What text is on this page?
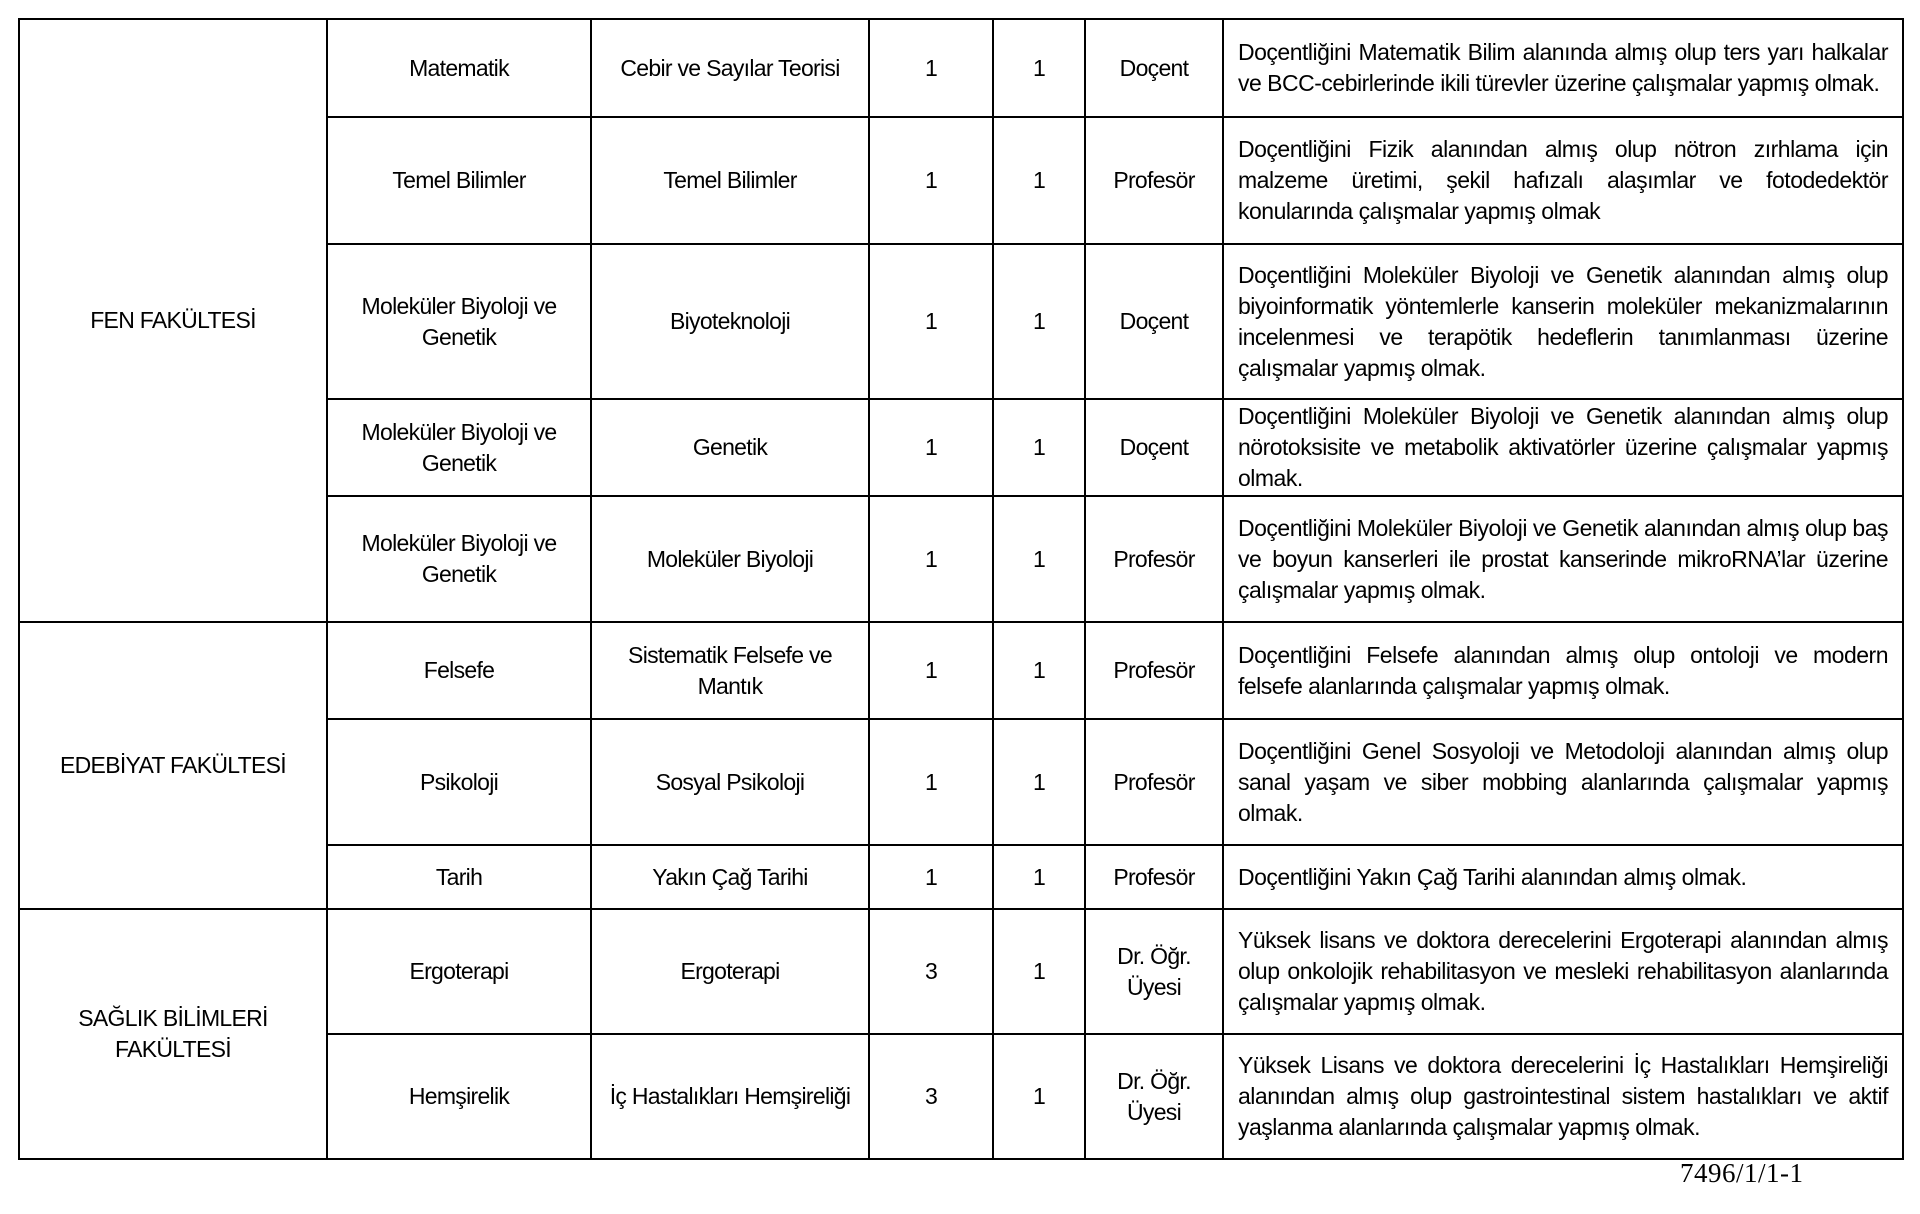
FEN FAKÜLTESİ	Matematik	Cebir ve Sayılar Teorisi	1	1	Doçent	Doçentliğini Matematik Bilim alanında almış olup ters yarı halkalar ve BCC-cebirlerinde ikili türevler üzerine çalışmalar yapmış olmak.
	Temel Bilimler	Temel Bilimler	1	1	Profesör	Doçentliğini Fizik alanından almış olup nötron zırhlama için malzeme üretimi, şekil hafızalı alaşımlar ve fotodedektör konularında çalışmalar yapmış olmak
	Moleküler Biyoloji ve Genetik	Biyoteknoloji	1	1	Doçent	Doçentliğini Moleküler Biyoloji ve Genetik alanından almış olup biyoinformatik yöntemlerle kanserin moleküler mekanizmalarının incelenmesi ve terapötik hedeflerin tanımlanması üzerine çalışmalar yapmış olmak.
	Moleküler Biyoloji ve Genetik	Genetik	1	1	Doçent	Doçentliğini Moleküler Biyoloji ve Genetik alanından almış olup nörotoksisite ve metabolik aktivatörler üzerine çalışmalar yapmış olmak.
	Moleküler Biyoloji ve Genetik	Moleküler Biyoloji	1	1	Profesör	Doçentliğini Moleküler Biyoloji ve Genetik alanından almış olup baş ve boyun kanserleri ile prostat kanserinde mikroRNA’lar üzerine çalışmalar yapmış olmak.
EDEBİYAT FAKÜLTESİ	Felsefe	Sistematik Felsefe ve Mantık	1	1	Profesör	Doçentliğini Felsefe alanından almış olup ontoloji ve modern felsefe alanlarında çalışmalar yapmış olmak.
	Psikoloji	Sosyal Psikoloji	1	1	Profesör	Doçentliğini Genel Sosyoloji ve Metodoloji alanından almış olup sanal yaşam ve siber mobbing alanlarında çalışmalar yapmış olmak.
	Tarih	Yakın Çağ Tarihi	1	1	Profesör	Doçentliğini Yakın Çağ Tarihi alanından almış olmak.
SAĞLIK BİLİMLERİ FAKÜLTESİ	Ergoterapi	Ergoterapi	3	1	Dr. Öğr. Üyesi	Yüksek lisans ve doktora derecelerini Ergoterapi alanından almış olup onkolojik rehabilitasyon ve mesleki rehabilitasyon alanlarında çalışmalar yapmış olmak.
	Hemşirelik	İç Hastalıkları Hemşireliği	3	1	Dr. Öğr. Üyesi	Yüksek Lisans ve doktora derecelerini İç Hastalıkları Hemşireliği alanından almış olup gastrointestinal sistem hastalıkları ve aktif yaşlanma alanlarında çalışmalar yapmış olmak.
7496/1/1-1
